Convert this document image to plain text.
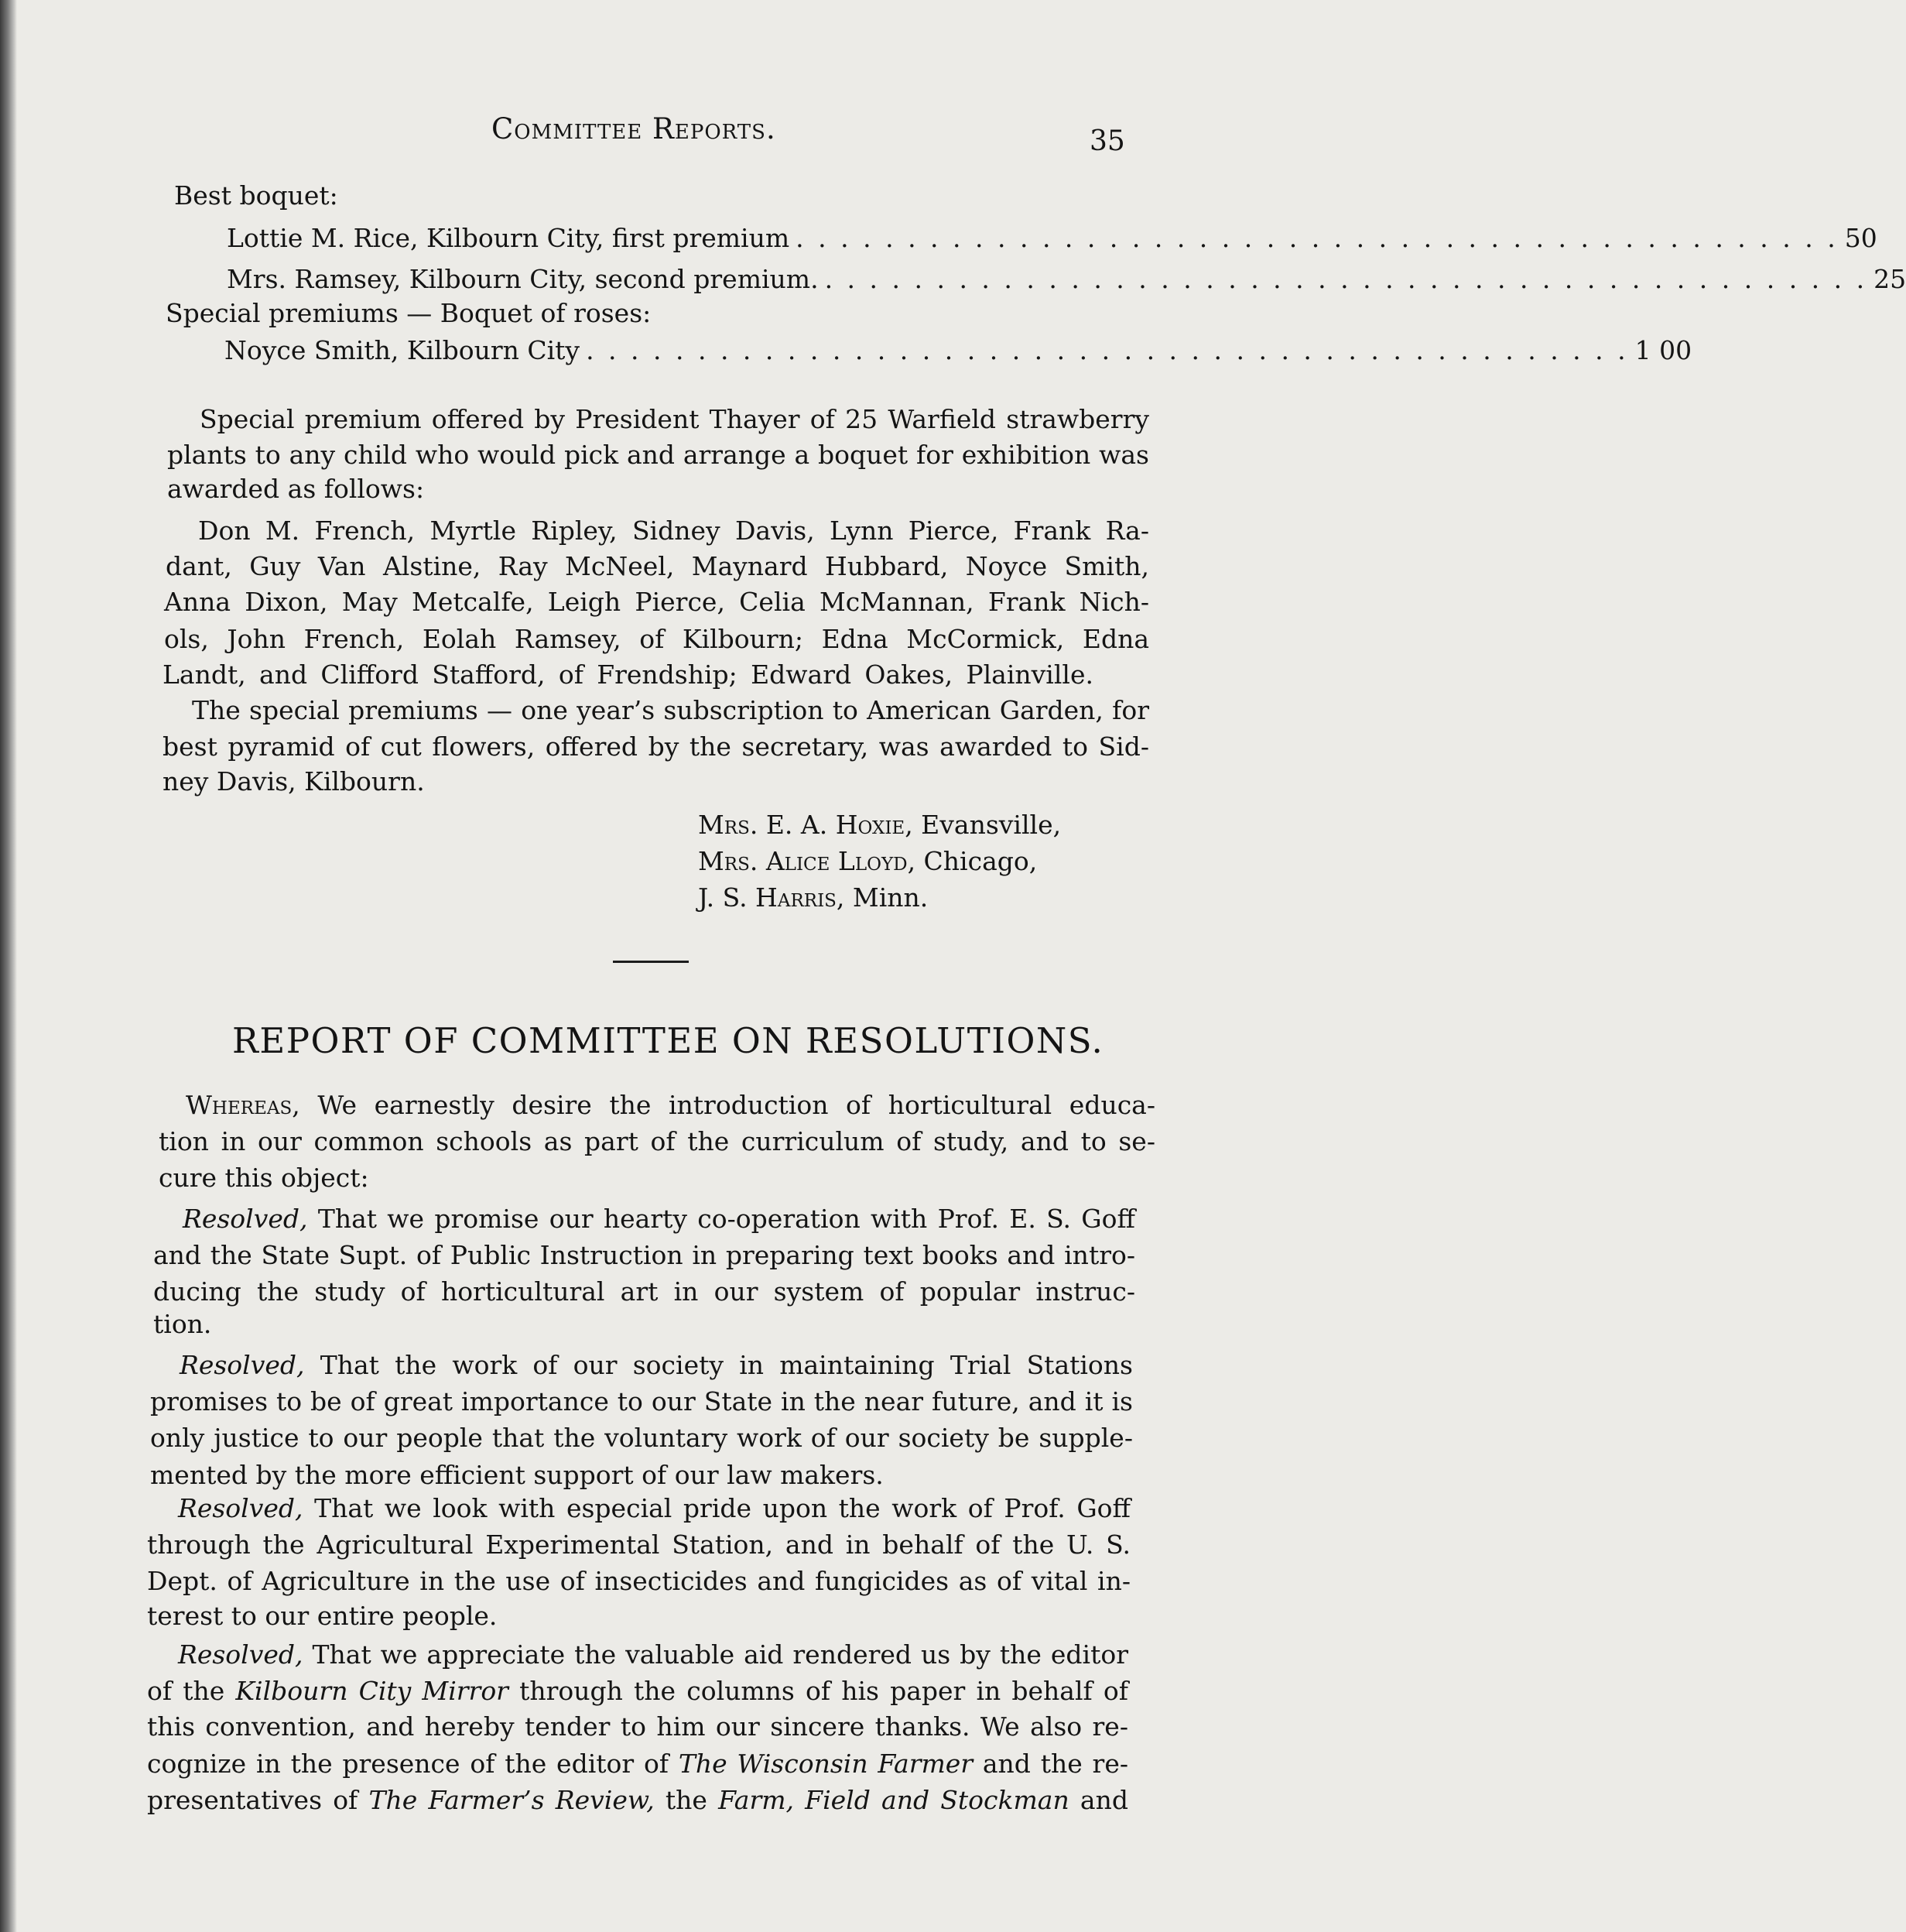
Committee Reports.	35
Best boquet:
Lottie M. Rice, Kilbourn City, first premium . . . . . . . . . . . . . . . . . . . . . . . . . . . . . . . . . . . . . . . . . . . . . . . 50
Mrs. Ramsey, Kilbourn City, second premium. . . . . . . . . . . . . . . . . . . . . . . . . . . . . . . . . . . . . . . . . . . . . . . . 25
Special premiums — Boquet of roses:
Noyce Smith, Kilbourn City . . . . . . . . . . . . . . . . . . . . . . . . . . . . . . . . . . . . . . . . . . . . . . . 1 00
Special premium offered by President Thayer of 25 Warfield strawberry
plants to any child who would pick and arrange a boquet for exhibition was
awarded as follows:
Don M. French, Myrtle Ripley, Sidney Davis, Lynn Pierce, Frank Ra-
dant, Guy Van Alstine, Ray McNeel, Maynard Hubbard, Noyce Smith,
Anna Dixon, May Metcalfe, Leigh Pierce, Celia McMannan, Frank Nich-
ols, John French, Eolah Ramsey, of Kilbourn; Edna McCormick, Edna
Landt, and Clifford Stafford, of Frendship; Edward Oakes, Plainville.
The special premiums — one year’s subscription to American Garden, for
best pyramid of cut flowers, offered by the secretary, was awarded to Sid-
ney Davis, Kilbourn.
Mrs. E. A. Hoxie, Evansville,
Mrs. Alice Lloyd, Chicago,
J. S. Harris, Minn.
REPORT OF COMMITTEE ON RESOLUTIONS.
Whereas, We earnestly desire the introduction of horticultural educa-
tion in our common schools as part of the curriculum of study, and to se-
cure this object:
Resolved, That we promise our hearty co-operation with Prof. E. S. Goff
and the State Supt. of Public Instruction in preparing text books and intro-
ducing the study of horticultural art in our system of popular instruc-
tion.
Resolved, That the work of our society in maintaining Trial Stations
promises to be of great importance to our State in the near future, and it is
only justice to our people that the voluntary work of our society be supple-
mented by the more efficient support of our law makers.
Resolved, That we look with especial pride upon the work of Prof. Goff
through the Agricultural Experimental Station, and in behalf of the U. S.
Dept. of Agriculture in the use of insecticides and fungicides as of vital in-
terest to our entire people.
Resolved, That we appreciate the valuable aid rendered us by the editor
of the Kilbourn City Mirror through the columns of his paper in behalf of
this convention, and hereby tender to him our sincere thanks. We also re-
cognize in the presence of the editor of The Wisconsin Farmer and the re-
presentatives of The Farmer’s Review, the Farm, Field and Stockman and
